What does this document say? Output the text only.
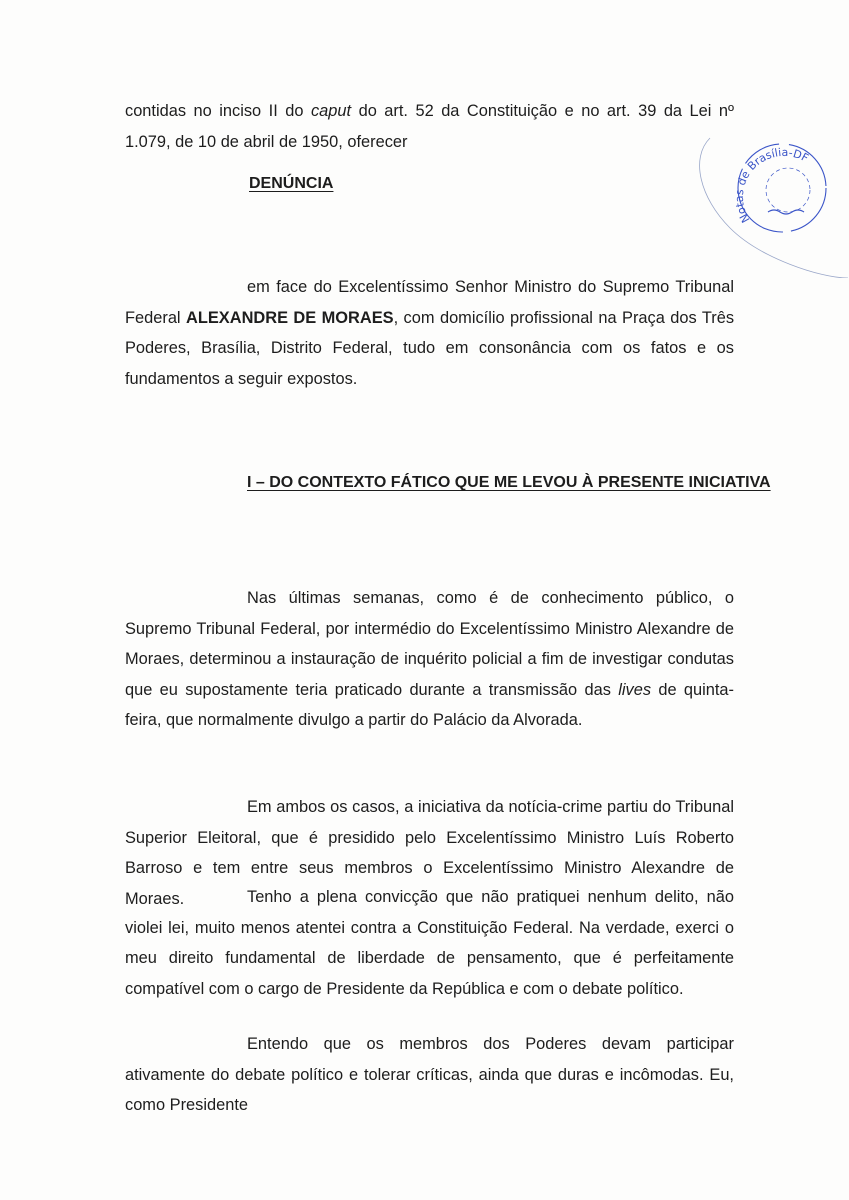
contidas no inciso II do caput do art. 52 da Constituição e no art. 39 da Lei nº 1.079, de 10 de abril de 1950, oferecer

DENÚNCIA

em face do Excelentíssimo Senhor Ministro do Supremo Tribunal Federal ALEXANDRE DE MORAES, com domicílio profissional na Praça dos Três Poderes, Brasília, Distrito Federal, tudo em consonância com os fatos e os fundamentos a seguir expostos.

I – DO CONTEXTO FÁTICO QUE ME LEVOU À PRESENTE INICIATIVA

Nas últimas semanas, como é de conhecimento público, o Supremo Tribunal Federal, por intermédio do Excelentíssimo Ministro Alexandre de Moraes, determinou a instauração de inquérito policial a fim de investigar condutas que eu supostamente teria praticado durante a transmissão das lives de quinta-feira, que normalmente divulgo a partir do Palácio da Alvorada.

Em ambos os casos, a iniciativa da notícia-crime partiu do Tribunal Superior Eleitoral, que é presidido pelo Excelentíssimo Ministro Luís Roberto Barroso e tem entre seus membros o Excelentíssimo Ministro Alexandre de Moraes.	Tenho a plena convicção que não pratiquei nenhum delito, não violei lei, muito menos atentei contra a Constituição Federal. Na verdade, exerci o meu direito fundamental de liberdade de pensamento, que é perfeitamente compatível com o cargo de Presidente da República e com o debate político.

Entendo que os membros dos Poderes devam participar ativamente do debate político e tolerar críticas, ainda que duras e incômodas. Eu, como Presidente

Notas de Brasília-DF
